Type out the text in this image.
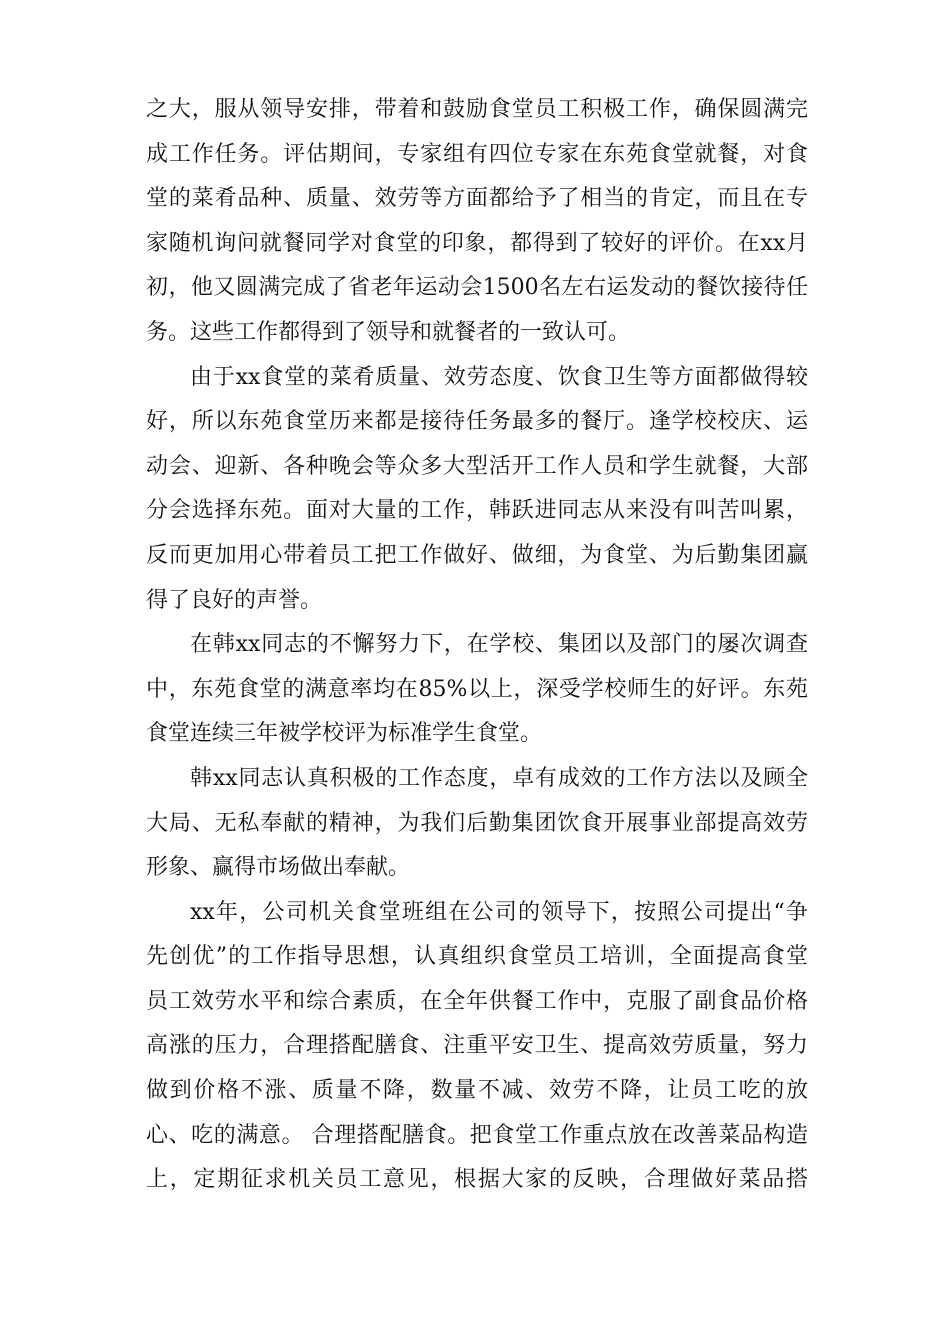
之大，服从领导安排，带着和鼓励食堂员工积极工作，确保圆满完
成工作任务。评估期间，专家组有四位专家在东苑食堂就餐，对食
堂的菜肴品种、质量、效劳等方面都给予了相当的肯定，而且在专
家随机询问就餐同学对食堂的印象，都得到了较好的评价。在xx月
初，他又圆满完成了省老年运动会1500名左右运发动的餐饮接待任
务。这些工作都得到了领导和就餐者的一致认可。
由于xx食堂的菜肴质量、效劳态度、饮食卫生等方面都做得较
好，所以东苑食堂历来都是接待任务最多的餐厅。逢学校校庆、运
动会、迎新、各种晚会等众多大型活开工作人员和学生就餐，大部
分会选择东苑。面对大量的工作，韩跃进同志从来没有叫苦叫累，
反而更加用心带着员工把工作做好、做细，为食堂、为后勤集团赢
得了良好的声誉。
在韩xx同志的不懈努力下，在学校、集团以及部门的屡次调查
中，东苑食堂的满意率均在85%以上，深受学校师生的好评。东苑
食堂连续三年被学校评为标准学生食堂。
韩xx同志认真积极的工作态度，卓有成效的工作方法以及顾全
大局、无私奉献的精神，为我们后勤集团饮食开展事业部提高效劳
形象、赢得市场做出奉献。
xx年，公司机关食堂班组在公司的领导下，按照公司提出“争
先创优”的工作指导思想，认真组织食堂员工培训，全面提高食堂
员工效劳水平和综合素质，在全年供餐工作中，克服了副食品价格
高涨的压力，合理搭配膳食、注重平安卫生、提高效劳质量，努力
做到价格不涨、质量不降，数量不减、效劳不降，让员工吃的放
心、吃的满意。 合理搭配膳食。把食堂工作重点放在改善菜品构造
上，定期征求机关员工意见，根据大家的反映，合理做好菜品搭
